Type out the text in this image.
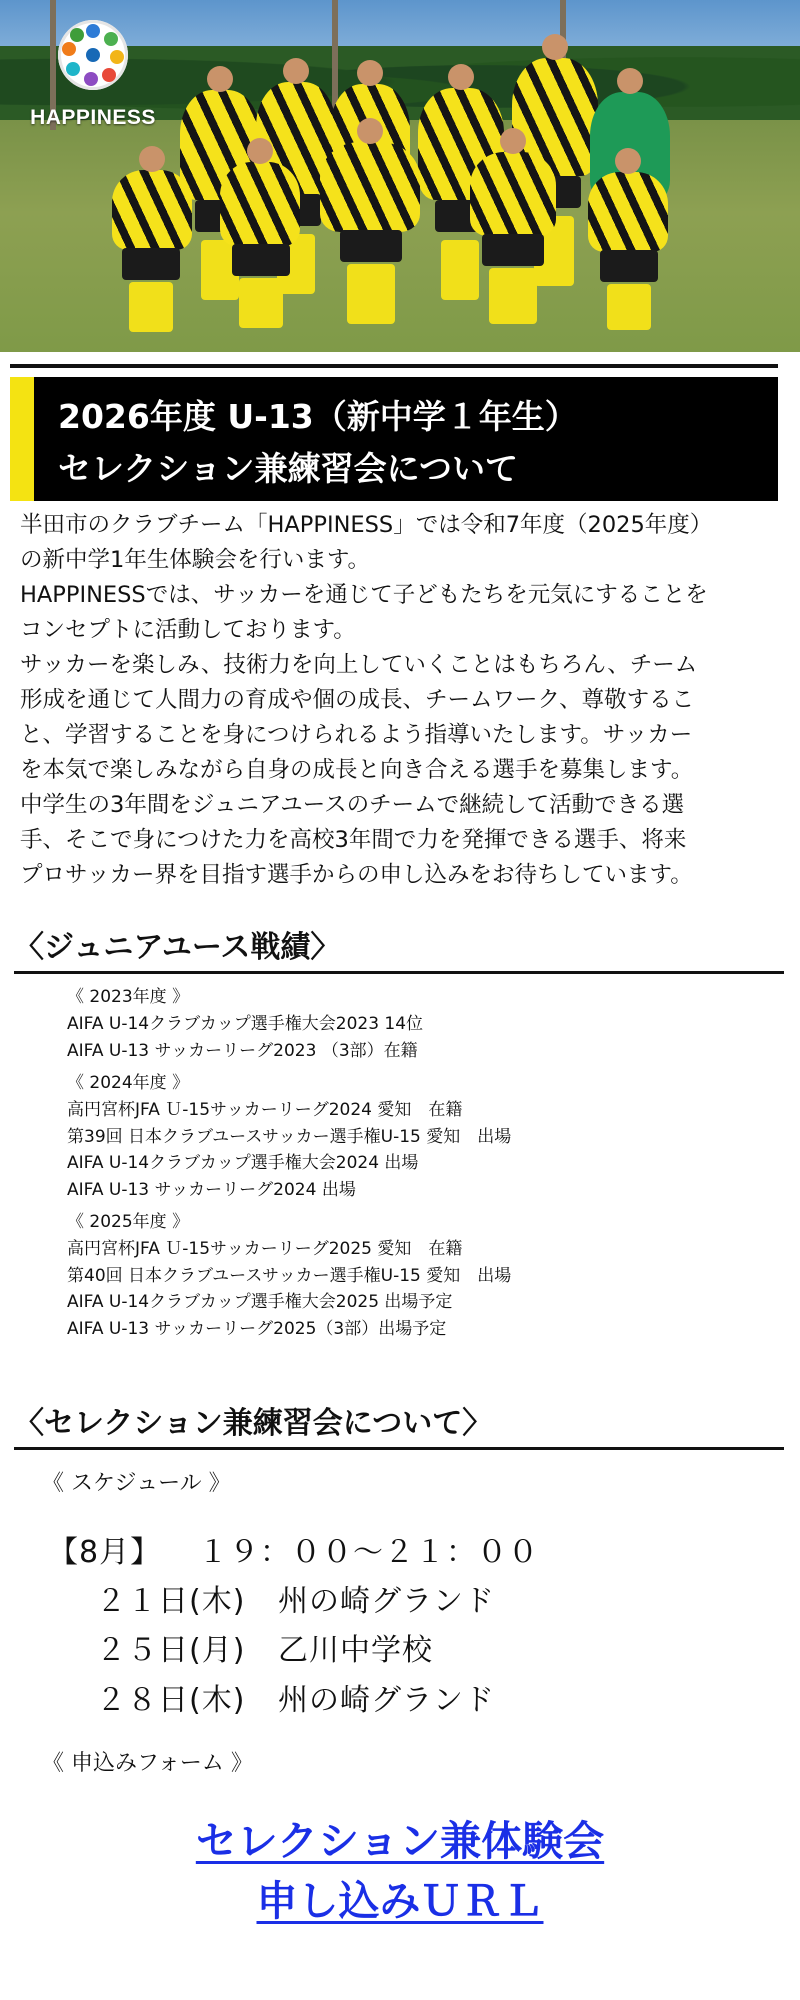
HAPPINESS
2026年度 U-13（新中学１年生）
セレクション兼練習会について

半田市のクラブチーム「HAPPINESS」では令和7年度（2025年度）

の新中学1年生体験会を行います。

HAPPINESSでは、サッカーを通じて子どもたちを元気にすることを

コンセプトに活動しております。

サッカーを楽しみ、技術力を向上していくことはもちろん、チーム

形成を通じて人間力の育成や個の成長、チームワーク、尊敬するこ

と、学習することを身につけられるよう指導いたします。サッカー

を本気で楽しみながら自身の成長と向き合える選手を募集します。

中学生の3年間をジュニアユースのチームで継続して活動できる選

手、そこで身につけた力を高校3年間で力を発揮できる選手、将来

プロサッカー界を目指す選手からの申し込みをお待ちしています。

〈ジュニアユース戦績〉
《 2023年度 》
AIFA U-14クラブカップ選手権大会2023 14位
AIFA U-13 サッカーリーグ2023 （3部）在籍
《 2024年度 》
高円宮杯JFA Ｕ-15サッカーリーグ2024 愛知　在籍
第39回 日本クラブユースサッカー選手権U-15 愛知　出場
AIFA U-14クラブカップ選手権大会2024 出場
AIFA U-13 サッカーリーグ2024 出場
《 2025年度 》
高円宮杯JFA Ｕ-15サッカーリーグ2025 愛知　在籍
第40回 日本クラブユースサッカー選手権U-15 愛知　出場
AIFA U-14クラブカップ選手権大会2025 出場予定
AIFA U-13 サッカーリーグ2025（3部）出場予定
〈セレクション兼練習会について〉
《 スケジュール 》
【8月】 １９：００～２１：００
２１日(木) 州の崎グランド
２５日(月) 乙川中学校
２８日(木) 州の崎グランド
《 申込みフォーム 》
セレクション兼体験会
申し込みＵＲＬ
